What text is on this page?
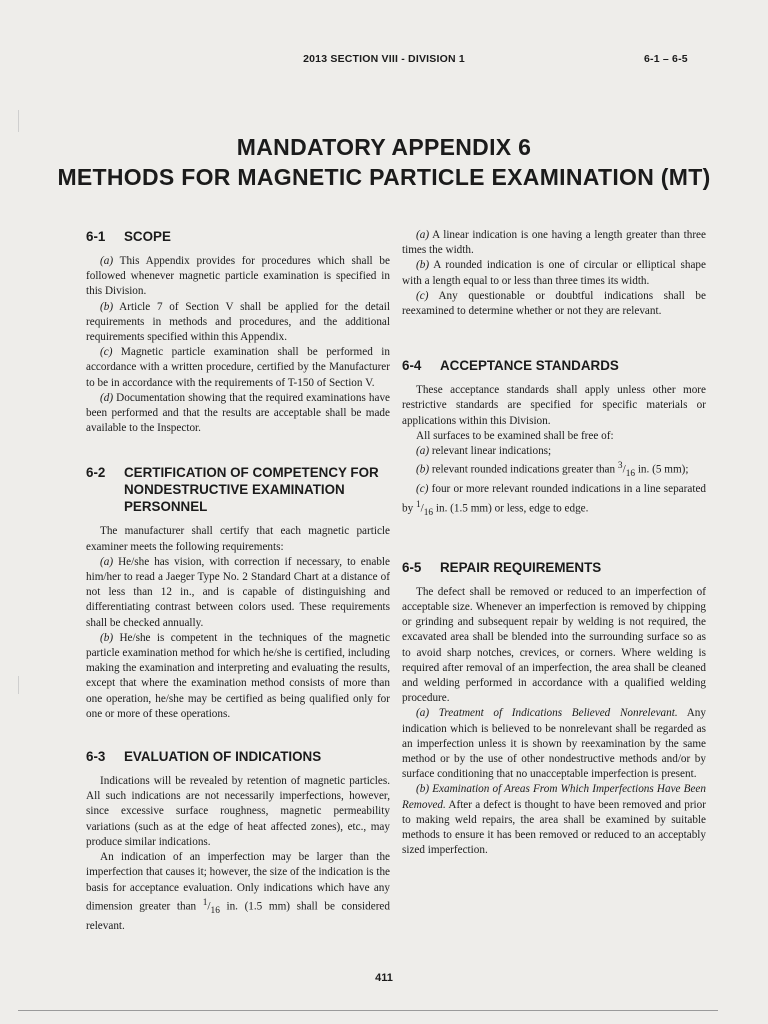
2013 SECTION VIII - DIVISION 1	6-1 – 6-5
MANDATORY APPENDIX 6
METHODS FOR MAGNETIC PARTICLE EXAMINATION (MT)
6-1	SCOPE

(a) This Appendix provides for procedures which shall be followed whenever magnetic particle examination is specified in this Division.

(b) Article 7 of Section V shall be applied for the detail requirements in methods and procedures, and the additional requirements specified within this Appendix.

(c) Magnetic particle examination shall be performed in accordance with a written procedure, certified by the Manufacturer to be in accordance with the requirements of T-150 of Section V.

(d) Documentation showing that the required examinations have been performed and that the results are acceptable shall be made available to the Inspector.

6-2	CERTIFICATION OF COMPETENCY FOR NONDESTRUCTIVE EXAMINATION PERSONNEL

The manufacturer shall certify that each magnetic particle examiner meets the following requirements:

(a) He/she has vision, with correction if necessary, to enable him/her to read a Jaeger Type No. 2 Standard Chart at a distance of not less than 12 in., and is capable of distinguishing and differentiating contrast between colors used. These requirements shall be checked annually.

(b) He/she is competent in the techniques of the magnetic particle examination method for which he/she is certified, including making the examination and interpreting and evaluating the results, except that where the examination method consists of more than one operation, he/she may be certified as being qualified only for one or more of these operations.

6-3	EVALUATION OF INDICATIONS

Indications will be revealed by retention of magnetic particles. All such indications are not necessarily imperfections, however, since excessive surface roughness, magnetic permeability variations (such as at the edge of heat affected zones), etc., may produce similar indications.

An indication of an imperfection may be larger than the imperfection that causes it; however, the size of the indication is the basis for acceptance evaluation. Only indications which have any dimension greater than $^1/_{16}$ in. (1.5 mm) shall be considered relevant.

(a) A linear indication is one having a length greater than three times the width.

(b) A rounded indication is one of circular or elliptical shape with a length equal to or less than three times its width.

(c) Any questionable or doubtful indications shall be reexamined to determine whether or not they are relevant.

6-4	ACCEPTANCE STANDARDS

These acceptance standards shall apply unless other more restrictive standards are specified for specific materials or applications within this Division.

All surfaces to be examined shall be free of:

(a) relevant linear indications;

(b) relevant rounded indications greater than $^3/_{16}$ in. (5 mm);

(c) four or more relevant rounded indications in a line separated by $^1/_{16}$ in. (1.5 mm) or less, edge to edge.

6-5	REPAIR REQUIREMENTS

The defect shall be removed or reduced to an imperfection of acceptable size. Whenever an imperfection is removed by chipping or grinding and subsequent repair by welding is not required, the excavated area shall be blended into the surrounding surface so as to avoid sharp notches, crevices, or corners. Where welding is required after removal of an imperfection, the area shall be cleaned and welding performed in accordance with a qualified welding procedure.

(a) Treatment of Indications Believed Nonrelevant. Any indication which is believed to be nonrelevant shall be regarded as an imperfection unless it is shown by reexamination by the same method or by the use of other nondestructive methods and/or by surface conditioning that no unacceptable imperfection is present.

(b) Examination of Areas From Which Imperfections Have Been Removed. After a defect is thought to have been removed and prior to making weld repairs, the area shall be examined by suitable methods to ensure it has been removed or reduced to an acceptably sized imperfection.

411
